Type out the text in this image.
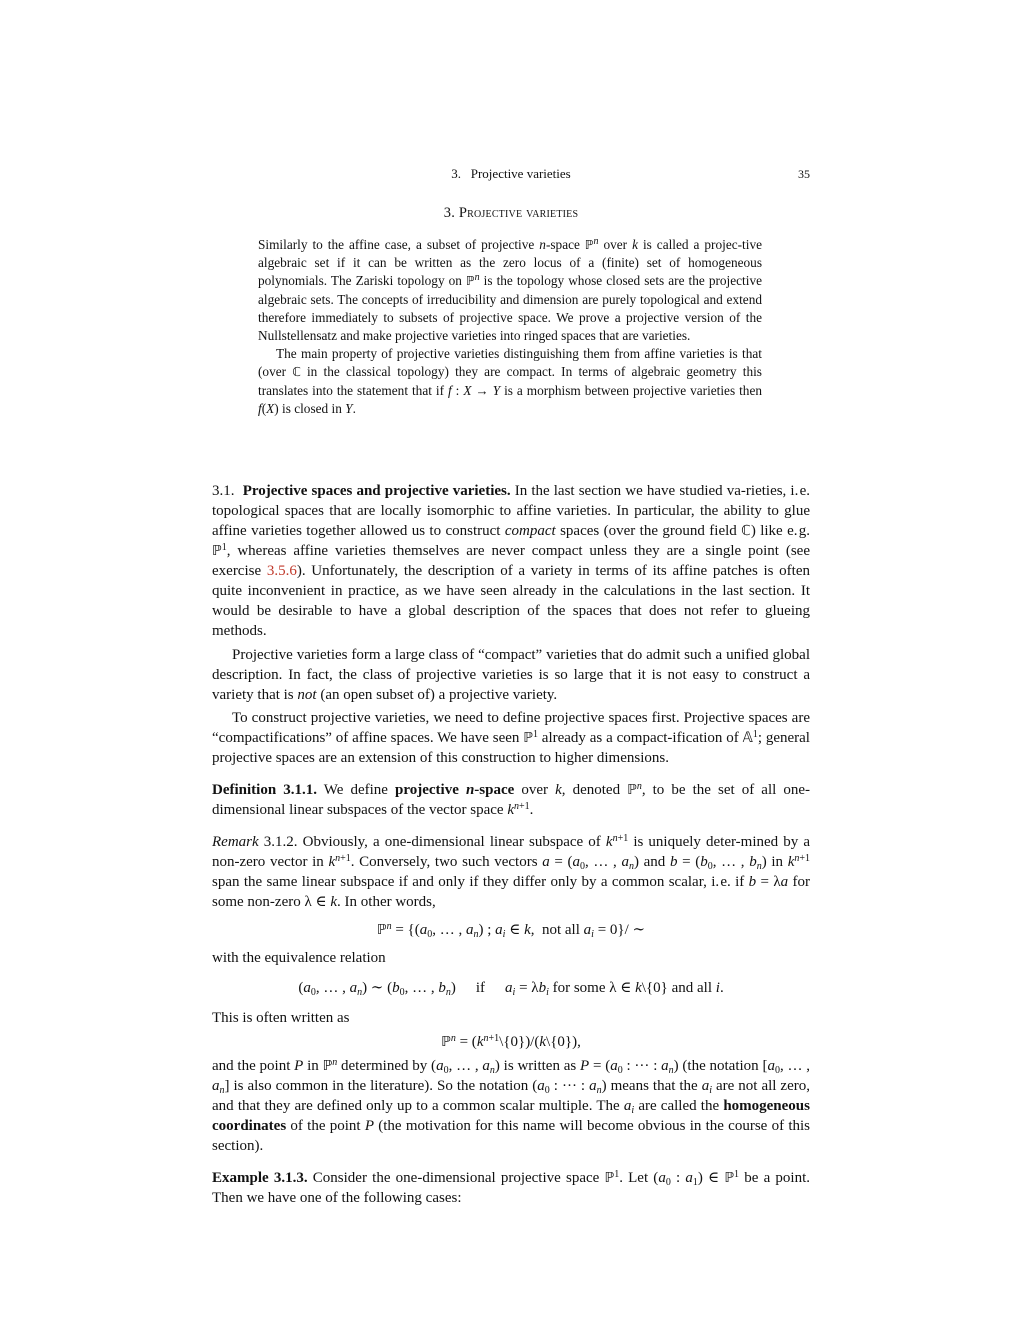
3.   Projective varieties	35
3. Projective varieties

Similarly to the affine case, a subset of projective n-space ℙ$^n$ over k is called a projec-tive algebraic set if it can be written as the zero locus of a (finite) set of homogeneous polynomials. The Zariski topology on ℙ$^n$ is the topology whose closed sets are the projective algebraic sets. The concepts of irreducibility and dimension are purely topological and extend therefore immediately to subsets of projective space. We prove a projective version of the Nullstellensatz and make projective varieties into ringed spaces that are varieties.

The main property of projective varieties distinguishing them from affine varieties is that (over ℂ in the classical topology) they are compact. In terms of algebraic geometry this translates into the statement that if f : X → Y is a morphism between projective varieties then f(X) is closed in Y.

3.1. Projective spaces and projective varieties. In the last section we have studied va-rieties, i. e. topological spaces that are locally isomorphic to affine varieties. In particular, the ability to glue affine varieties together allowed us to construct compact spaces (over the ground field ℂ) like e. g. ℙ$^1$, whereas affine varieties themselves are never compact unless they are a single point (see exercise 3.5.6). Unfortunately, the description of a variety in terms of its affine patches is often quite inconvenient in practice, as we have seen already in the calculations in the last section. It would be desirable to have a global description of the spaces that does not refer to glueing methods.

Projective varieties form a large class of “compact” varieties that do admit such a unified global description. In fact, the class of projective varieties is so large that it is not easy to construct a variety that is not (an open subset of) a projective variety.

To construct projective varieties, we need to define projective spaces first. Projective spaces are “compactifications” of affine spaces. We have seen ℙ$^1$ already as a compact-ification of 𝔸$^1$; general projective spaces are an extension of this construction to higher dimensions.

Definition 3.1.1. We define projective n-space over k, denoted ℙ$^n$, to be the set of all one-dimensional linear subspaces of the vector space $k^{n+1}$.

Remark 3.1.2. Obviously, a one-dimensional linear subspace of $k^{n+1}$ is uniquely deter-mined by a non-zero vector in $k^{n+1}$. Conversely, two such vectors $a = (a_0$, … , $a_n$) and $b = (b_0$, … , $b_n$) in $k^{n+1}$ span the same linear subspace if and only if they differ only by a common scalar, i. e. if b = λa for some non-zero λ ∈ k. In other words,

ℙ$^n$ = {($a_0$, … , $a_n$) ; $a_i$ ∈ k,  not all $a_i = 0\}/$ ∼

with the equivalence relation

($a_0$, … , $a_n$) ∼ ($b_0$, … , $b_n$) if $a_i = \lambda b_i$ for some λ ∈ k\{0} and all i.

This is often written as

ℙ$^n$ = $(k^{n+1}\backslash\{0\})/(k\backslash\{0\})$,

and the point P in ℙ$^n$ determined by ($a_0$, … , $a_n$) is written as $P = (a_0$ : ··· : $a_n$) (the notation [$a_0$, … , $a_n$] is also common in the literature). So the notation ($a_0$ : ··· : $a_n$) means that the $a_i$ are not all zero, and that they are defined only up to a common scalar multiple. The $a_i$ are called the homogeneous coordinates of the point P (the motivation for this name will become obvious in the course of this section).

Example 3.1.3. Consider the one-dimensional projective space ℙ$^1$. Let ($a_0$ : $a_1$) ∈ ℙ$^1$ be a point. Then we have one of the following cases:
